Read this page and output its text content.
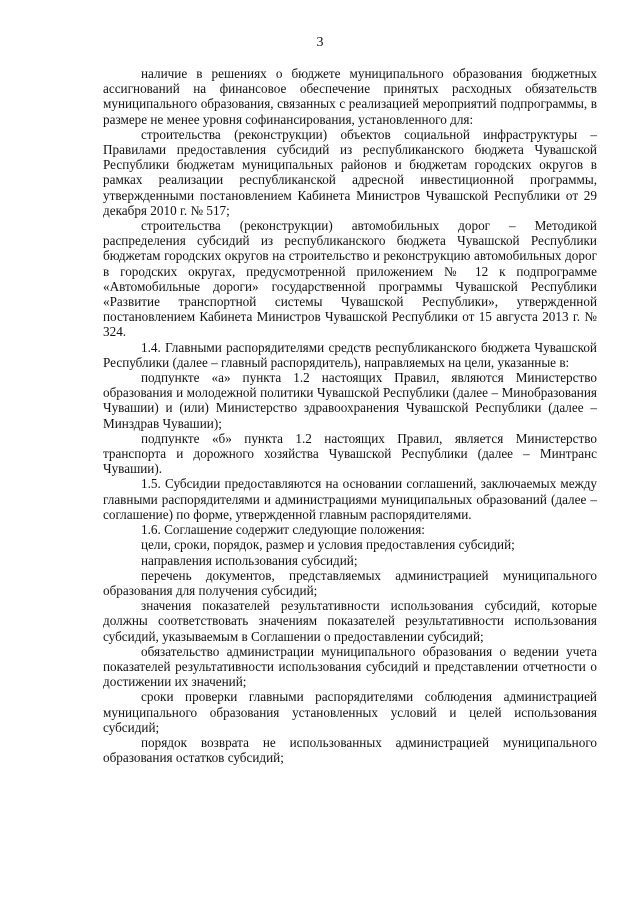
3

наличие в решениях о бюджете муниципального образования бюджетных ассигнований на финансовое обеспечение принятых расходных обязательств муниципального образования, связанных с реализацией мероприятий подпрограммы, в размере не менее уровня софинансирования, установленного для:

строительства (реконструкции) объектов социальной инфраструктуры – Правилами предоставления субсидий из республиканского бюджета Чувашской Республики бюджетам муниципальных районов и бюджетам городских округов в рамках реализации республиканской адресной инвестиционной программы, утвержденными постановлением Кабинета Министров Чувашской Республики от 29 декабря 2010 г. № 517;

строительства (реконструкции) автомобильных дорог – Методикой распределения субсидий из республиканского бюджета Чувашской Республики бюджетам городских округов на строительство и реконструкцию автомобильных дорог в городских округах, предусмотренной приложением № 12 к подпрограмме «Автомобильные дороги» государственной программы Чувашской Республики «Развитие транспортной системы Чувашской Республики», утвержденной постановлением Кабинета Министров Чувашской Республики от 15 августа 2013 г. № 324.

1.4. Главными распорядителями средств республиканского бюджета Чувашской Республики (далее – главный распорядитель), направляемых на цели, указанные в:

подпункте «а» пункта 1.2 настоящих Правил, являются Министерство образования и молодежной политики Чувашской Республики (далее – Минобразования Чувашии) и (или) Министерство здравоохранения Чувашской Республики (далее – Минздрав Чувашии);

подпункте «б» пункта 1.2 настоящих Правил, является Министерство транспорта и дорожного хозяйства Чувашской Республики (далее – Минтранс Чувашии).

1.5. Субсидии предоставляются на основании соглашений, заключаемых между главными распорядителями и администрациями муниципальных образований (далее – соглашение) по форме, утвержденной главным распорядителями.

1.6. Соглашение содержит следующие положения:

цели, сроки, порядок, размер и условия предоставления субсидий;

направления использования субсидий;

перечень документов, представляемых администрацией муниципального образования для получения субсидий;

значения показателей результативности использования субсидий, которые должны соответствовать значениям показателей результативности использования субсидий, указываемым в Соглашении о предоставлении субсидий;

обязательство администрации муниципального образования о ведении учета показателей результативности использования субсидий и представлении отчетности о достижении их значений;

сроки проверки главными распорядителями соблюдения администрацией муниципального образования установленных условий и целей использования субсидий;

порядок возврата не использованных администрацией муниципального образования остатков субсидий;
